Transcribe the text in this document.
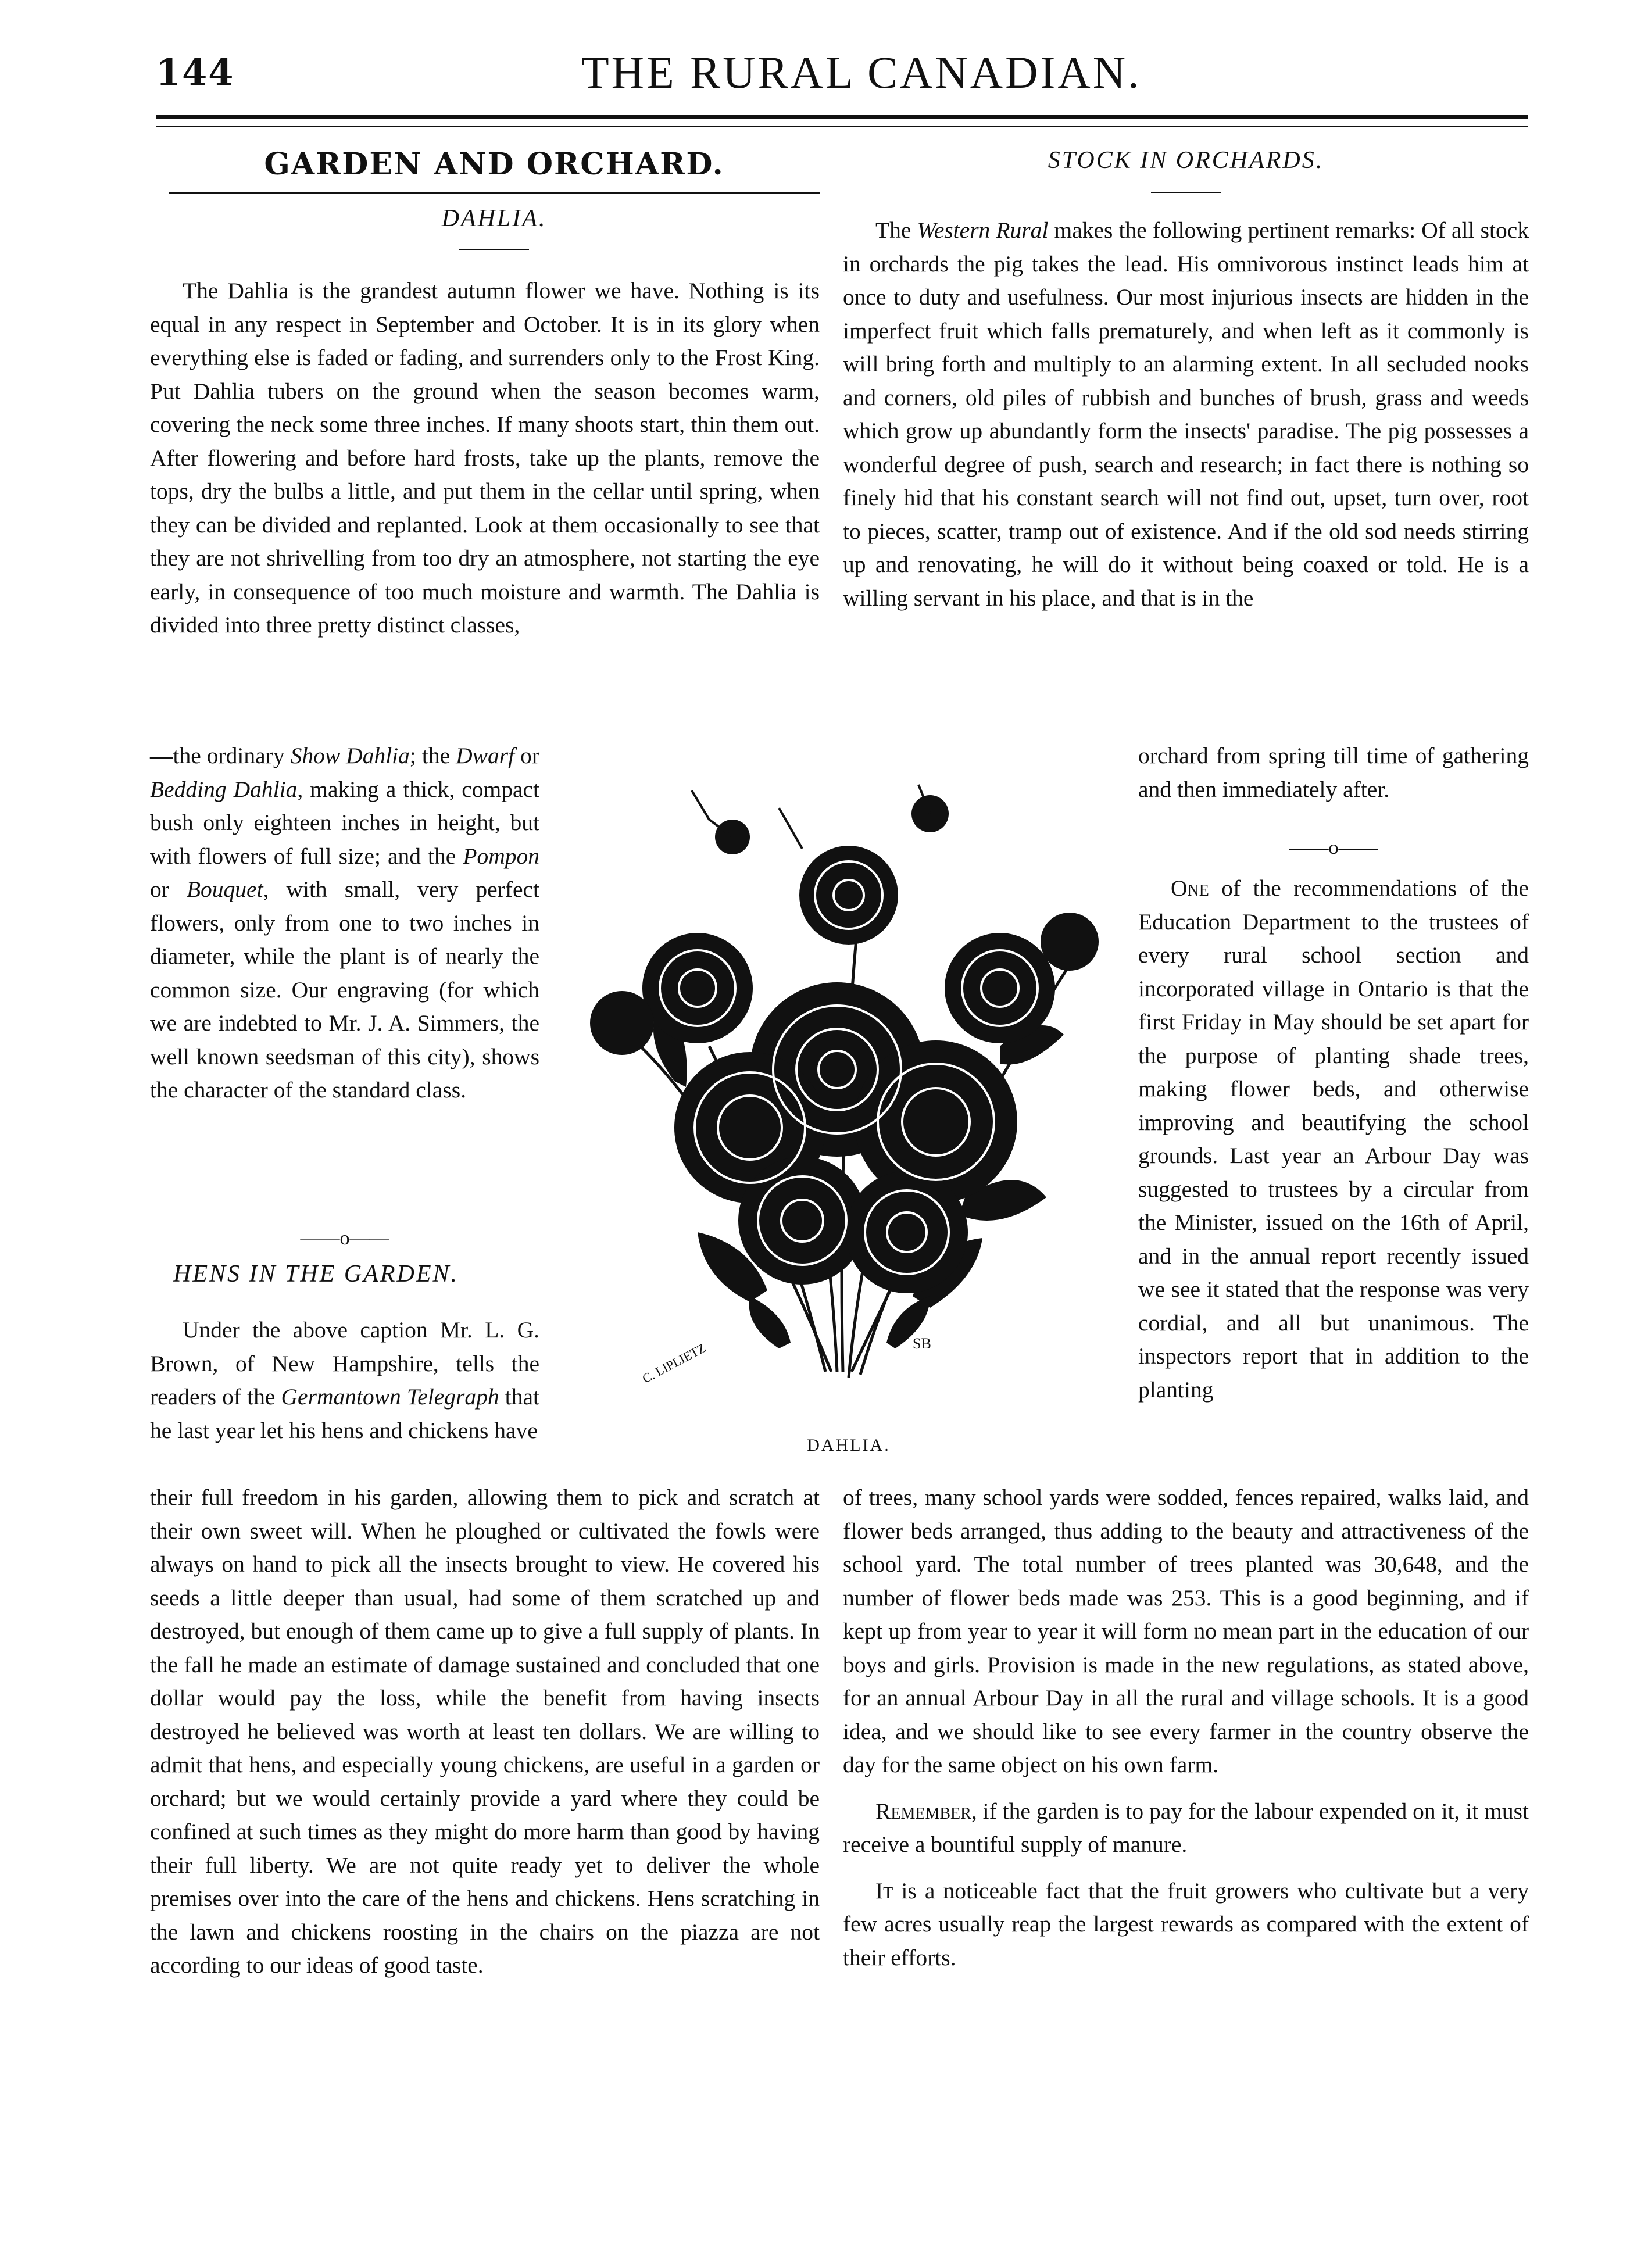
144	THE RURAL CANADIAN.
GARDEN AND ORCHARD.
DAHLIA.

The Dahlia is the grandest autumn flower we have. Nothing is its equal in any respect in September and October. It is in its glory when everything else is faded or fading, and surrenders only to the Frost King. Put Dahlia tubers on the ground when the season becomes warm, covering the neck some three inches. If many shoots start, thin them out. After flowering and before hard frosts, take up the plants, remove the tops, dry the bulbs a little, and put them in the cellar until spring, when they can be divided and replanted. Look at them occasionally to see that they are not shrivelling from too dry an atmosphere, not starting the eye early, in consequence of too much moisture and warmth. The Dahlia is divided into three pretty distinct classes,

—the ordinary Show Dahlia; the Dwarf or Bedding Dahlia, making a thick, compact bush only eighteen inches in height, but with flowers of full size; and the Pompon or Bouquet, with small, very perfect flowers, only from one to two inches in diameter, while the plant is of nearly the common size. Our engraving (for which we are indebted to Mr. J. A. Simmers, the well known seedsman of this city), shows the character of the standard class.

——o——
HENS IN THE GARDEN.

Under the above caption Mr. L. G. Brown, of New Hampshire, tells the readers of the Germantown Telegraph that he last year let his hens and chickens have

their full freedom in his garden, allowing them to pick and scratch at their own sweet will. When he ploughed or cultivated the fowls were always on hand to pick all the insects brought to view. He covered his seeds a little deeper than usual, had some of them scratched up and destroyed, but enough of them came up to give a full supply of plants. In the fall he made an estimate of damage sustained and concluded that one dollar would pay the loss, while the benefit from having insects destroyed he believed was worth at least ten dollars. We are willing to admit that hens, and especially young chickens, are useful in a garden or orchard; but we would certainly provide a yard where they could be confined at such times as they might do more harm than good by having their full liberty. We are not quite ready yet to deliver the whole premises over into the care of the hens and chickens. Hens scratching in the lawn and chickens roosting in the chairs on the piazza are not according to our ideas of good taste.

C. LIPLIETZ	SB
DAHLIA.
STOCK IN ORCHARDS.

The Western Rural makes the following pertinent remarks: Of all stock in orchards the pig takes the lead. His omnivorous instinct leads him at once to duty and usefulness. Our most injurious insects are hidden in the imperfect fruit which falls prematurely, and when left as it commonly is will bring forth and multiply to an alarming extent. In all secluded nooks and corners, old piles of rubbish and bunches of brush, grass and weeds which grow up abundantly form the insects' paradise. The pig possesses a wonderful degree of push, search and research; in fact there is nothing so finely hid that his constant search will not find out, upset, turn over, root to pieces, scatter, tramp out of existence. And if the old sod needs stirring up and renovating, he will do it without being coaxed or told. He is a willing servant in his place, and that is in the

orchard from spring till time of gathering and then immediately after.

——o——

One of the recommendations of the Education Department to the trustees of every rural school section and incorporated village in Ontario is that the first Friday in May should be set apart for the purpose of planting shade trees, making flower beds, and otherwise improving and beautifying the school grounds. Last year an Arbour Day was suggested to trustees by a circular from the Minister, issued on the 16th of April, and in the annual report recently issued we see it stated that the response was very cordial, and all but unanimous. The inspectors report that in addition to the planting

of trees, many school yards were sodded, fences repaired, walks laid, and flower beds arranged, thus adding to the beauty and attractiveness of the school yard. The total number of trees planted was 30,648, and the number of flower beds made was 253. This is a good beginning, and if kept up from year to year it will form no mean part in the education of our boys and girls. Provision is made in the new regulations, as stated above, for an annual Arbour Day in all the rural and village schools. It is a good idea, and we should like to see every farmer in the country observe the day for the same object on his own farm.

Remember, if the garden is to pay for the labour expended on it, it must receive a bountiful supply of manure.

It is a noticeable fact that the fruit growers who cultivate but a very few acres usually reap the largest rewards as compared with the extent of their efforts.
